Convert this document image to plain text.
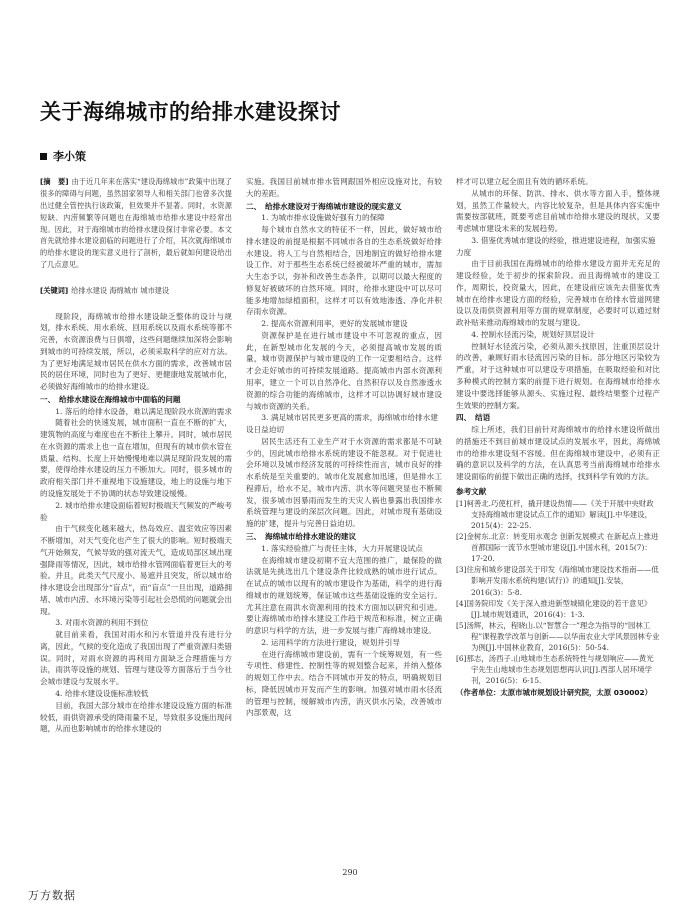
关于海绵城市的给排水建设探讨
李小策
[摘　要] 由于近几年来在落实“建设海绵城市”政策中出现了很多的障碍与问题，虽然国家领导人和相关部门也曾多次提出过健全管控执行该政策，但效果并不显著。同时，水资源短缺、内涝频繁等问题也在海绵城市给排水建设中经常出现。因此，对于海绵城市的给排水建设探讨非常必要。本文首先就给排水建设面临的问题进行了介绍，其次就海绵城市的给排水建设的现实意义进行了剖析，最后就如何建设给出了几点意见。
[关键词] 给排水建设 海绵城市 城市建设
现阶段，海绵城市给排水建设缺乏整体的设计与规划，排水系统、用水系统、回用系统以及雨水系统等都不完善，水资源浪费与日俱增，这些问题继续加深将会影响到城市的可持续发展，所以，必须采取科学的应对方法。为了更好地满足城市居民在供水方面的需求，改善城市居民的居住环境，同时也为了更好、更健康地发展城市化，必须做好海绵城市的给排水建设。
一、　给排水建设在海绵城市中面临的问题
1. 落后的给排水设备，难以满足现阶段水资源的需求
随着社会的快速发展，城市面积一直在不断的扩大，建筑物的高度与难度也在不断往上攀升。同时，城市居民在水资源的需求上也一直在增加，但现有的城市供水管在质量、结构、长度上开始慢慢地难以满足现阶段发展的需要，使得给排水建设的压力不断加大。同时，很多城市的政府相关部门并不重视地下设施建设，地上的设施与地下的设施发展处于不协调的状态导致建设缓慢。
2. 城市给排水建设面临着短时极端天气频发的严峻考验
由于气候变化越来越大，热岛效应、温室效应等因素不断增加，对天气变化也产生了很大的影响。短时极端天气开始频发，气候导致的强对流天气，造成局部区域出现强降雨等情况，因此，城市给排水管网面临着更巨大的考验。并且，此类天气尺度小、易遮并且突发，所以城市给排水建设会出现部分“盲点”，而“盲点”一旦出现，道路拥堵、城市内涝、水环境污染等引起社会恐慌的问题就会出现。
3. 对雨水资源的利用不到位
就目前来看，我国对雨水和污水管道并没有进行分离，因此，气候的变化造成了我国出现了严重资源归类错误。同时，对雨水资源的再利用方面缺乏合理措施与方法，雨洪等设施的规划、管理与建设等方面落后于当今社会城市建设与发展水平。
4. 给排水建设设施标准较低
目前，我国大部分城市在给排水建设设施方面的标准较低，雨供资源承受的降雨量不足，导致很多设施出现问题，从而也影响城市的给排水建设的
实施。我国目前城市排水管网跟国外相应设施对比，有较大的差距。
二、　给排水建设对于海绵城市建设的现实意义
1. 为城市排水设施做好强有力的保障
每个城市自然水文的特征不一样，因此，做好城市给排水建设的前提是根据不同城市各自的生态系统做好给排水建设。将人工与自然相结合，因地制宜的做好给排水建设工作。对于那些生态系统已经被破坏严重的城市，需加大生态予以，弥补和改善生态条件，以期可以最大程度的修复好被破坏的自然环境。同时，给排水建设中可以尽可能多地增加绿植面积，这样才可以有效地渗透、净化并积存雨水资源。
2. 提高水资源利用率，更好的发展城市建设
资源保护是在进行城市建设中不可忽视的重点，因此，在新型城市化发展的今天，必须提高城市发展的质量，城市资源保护与城市建设的工作一定要相结合。这样才会走好城市的可持续发展道路。提高城市内部水资源利用率，建立一个可以自然净化、自然积存以及自然渗透水资源的综合功能的海绵城市，这样才可以协调好城市建设与城市资源的关系。
3. 满足城市居民更多更高的需求，海绵城市给排水建设日益迫切
居民生活还有工业生产对于水资源的需求都是不可缺少的，因此城市给排水系统的建设不能忽视。对于促进社会环境以及城市经济发展的可持续性而言，城市良好的排水系统是至关重要的。城市化发展愈加迅速，但是排水工程滞后，给水不足，城市内涝、洪水等问题突显也不断频发，很多城市因暴雨而发生的天灾人祸也暴露出我国排水系统管理与建设的深层次问题。因此，对城市现有基础设施的扩建，提升与完善日益迫切。
三、　海绵城市给排水建设的建议
1. 落实经验推广与责任主体，大力开展建设试点
在海绵城市建设初期不宜大范围的推广，最保险的做法就是先挑选出几个建设条件比较成熟的城市进行试点。在试点的城市以现有的城市建设作为基础，科学的进行海绵城市的规划统筹，保证城市这些基础设施的安全运行。尤其注意在雨洪水资源利用的技术方面加以研究和引进。要让海绵城市给排水建设工作趋于规范和标准，树立正确的意识与科学的方法，进一步发展与推广海绵城市建设。
2. 运用科学的方法进行建设，规划并引导
在进行海绵城市建设前，需有一个统筹规划，有一些专项性、修建性、控制性等的规划整合起来，并纳入整体的规划工作中去。结合不同城市开发的特点，明确规划目标，降低因城市开发而产生的影响。加强对城市雨水径流的管理与控制，缓解城市内涝，消灭供水污染，改善城市内部景观，这
样才可以建立起全面且有效的循环系统。
从城市的环保、防洪、排水、供水等方面入手，整体规划，虽然工作量较大，内容比较复杂，但是具体内容实施中需要按部就班，既要考虑目前城市给排水建设的现状，又要考虑城市建设未来的发展趋势。
3. 借鉴优秀城市建设的经验，推进建设进程，加强实施力度
由于目前我国在海绵城市的给排水建设方面并无充足的建设经验，处于初步的探索阶段。而且海绵城市的建设工作，周期长，投资量大，因此，在建设前应该先去借鉴优秀城市在给排水建设方面的经验，完善城市在给排水管道网建设以及雨供资源利用等方面的规章制度，必要时可以通过财政补贴来推动海绵城市的发展与建设。
4. 控制水径流污染，规划好顶层设计
控制好水径流污染，必须从源头找原因，注重顶层设计的改善，兼顾好雨水径流因污染的目标。部分地区污染较为严重，对于这种城市可以建设专项措施，在吸取经验和对比多种模式的控制方案的前提下进行规划。在海绵城市给排水建设中要选择能够从源头、实施过程、最终结果整个过程产生效果的控制方案。
四、　结语
综上所述，我们目前针对海绵城市的给排水建设所做出的措施还不到目前城市建设试点的发展水平，因此，海绵城市的给排水建设刻不容缓。但在海绵城市建设中，必须有正确的意识以及科学的方法，在认真思考当前海绵城市给排水建设面临的前提下做出正确的选择，找到科学有效的方法。
参考文献
[1]柯善北.巧使杠杆，撬开建设热情——《关于开展中央财政支持海绵城市建设试点工作的通知》解读[J].中华建设，2015(4)：22-25.
[2]金树东.北京：转变用水观念 创新发展模式 在新起点上推进首都国际一流节水型城市建设[J].中国水利，2015(7)：17-20.
[3]住房和城乡建设部关于印发《海绵城市建设技术指南——低影响开发雨水系统构建(试行)》的通知[J].安装，2016(3)：5-8.
[4]国务院印发《关于深入推进新型城镇化建设的若干意见》[J].城市规划通讯，2016(4)：1-3.
[5]汤辉，林云，程晓山.以“智慧合一”理念为指导的“园林工程”课程教学改革与创新——以华南农业大学风景园林专业为例[J].中国林业教育，2016(5)：50-54.
[6]那志，汤西子.山地城市生态系统特性与规划响应——黄光宇先生山地城市生态规划思想再认识[J].西部人居环境学刊，2016(5)：6-15.
（作者单位：太原市城市规划设计研究院，太原 030002）
290
万方数据
